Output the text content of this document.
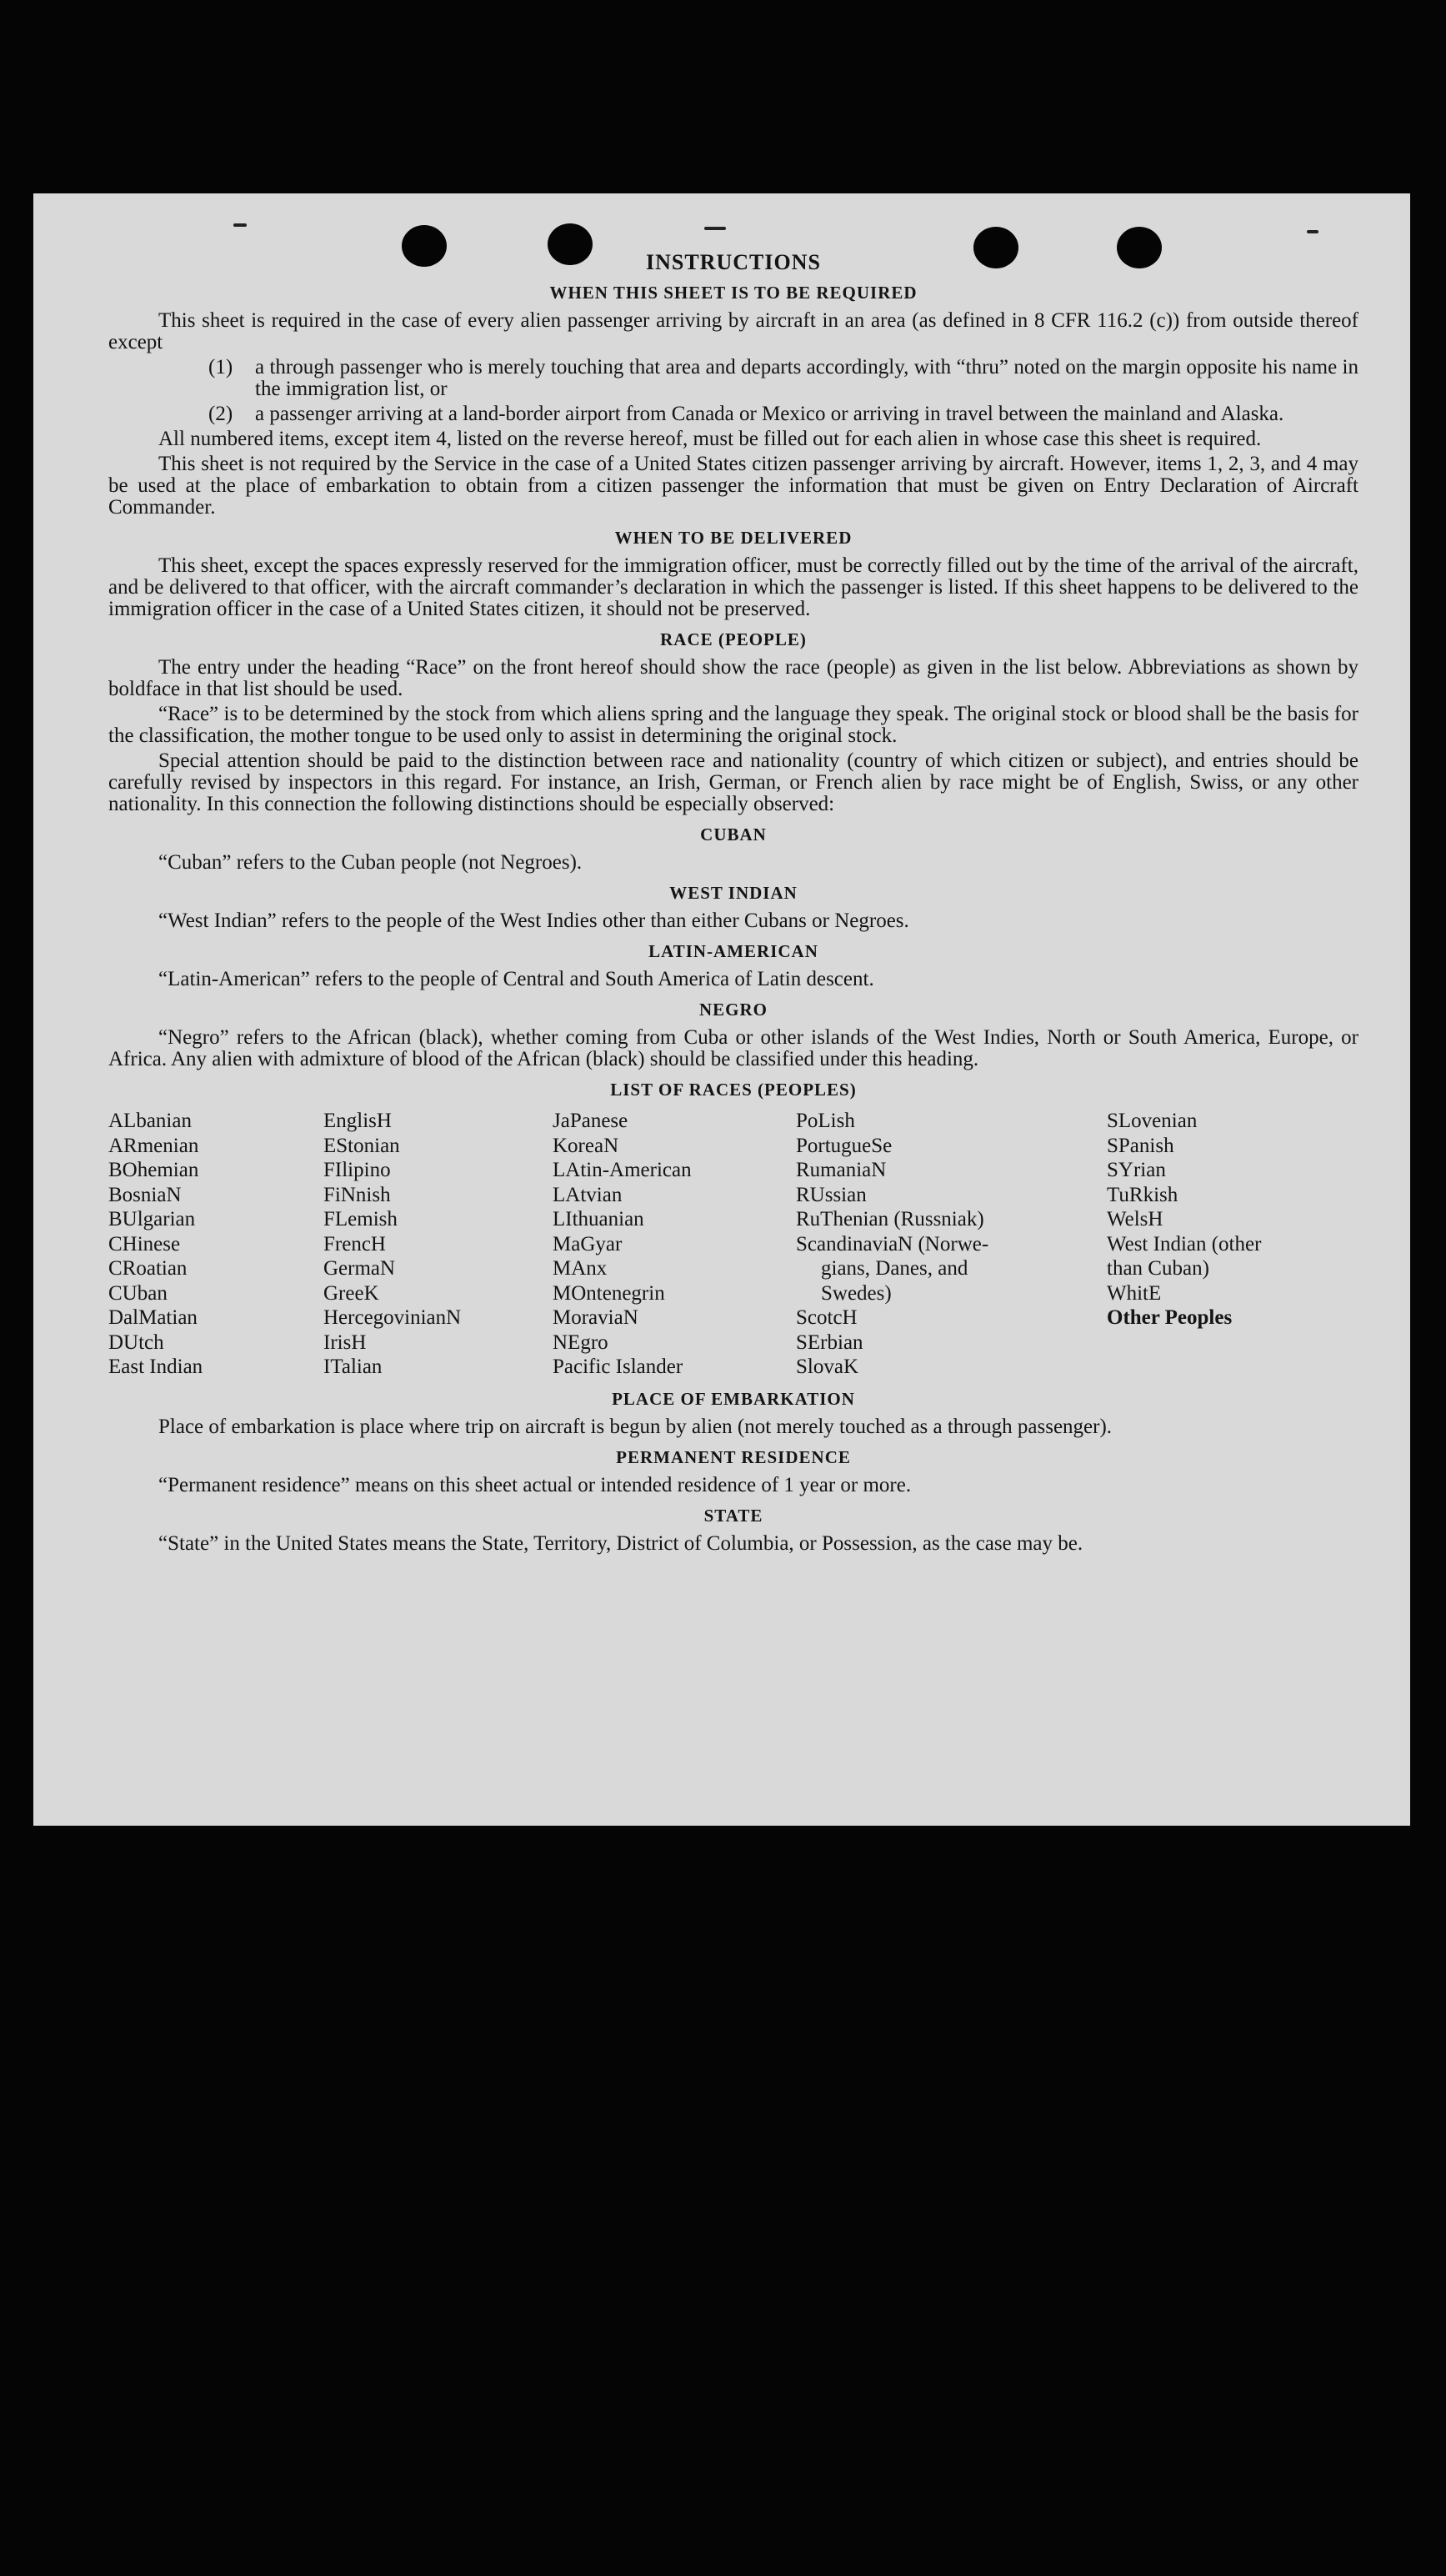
INSTRUCTIONS
WHEN THIS SHEET IS TO BE REQUIRED

This sheet is required in the case of every alien passenger arriving by aircraft in an area (as defined in 8 CFR 116.2 (c)) from outside thereof except

(1)	a through passenger who is merely touching that area and departs accordingly, with “thru” noted on the margin opposite his name in the immigration list, or
(2)	a passenger arriving at a land-border airport from Canada or Mexico or arriving in travel between the mainland and Alaska.

All numbered items, except item 4, listed on the reverse hereof, must be filled out for each alien in whose case this sheet is required.

This sheet is not required by the Service in the case of a United States citizen passenger arriving by aircraft. However, items 1, 2, 3, and 4 may be used at the place of embarkation to obtain from a citizen passenger the information that must be given on Entry Declaration of Aircraft Commander.

WHEN TO BE DELIVERED

This sheet, except the spaces expressly reserved for the immigration officer, must be correctly filled out by the time of the arrival of the aircraft, and be delivered to that officer, with the aircraft commander’s declaration in which the passenger is listed. If this sheet happens to be delivered to the immigration officer in the case of a United States citizen, it should not be preserved.

RACE (PEOPLE)

The entry under the heading “Race” on the front hereof should show the race (people) as given in the list below. Abbreviations as shown by boldface in that list should be used.

“Race” is to be determined by the stock from which aliens spring and the language they speak. The original stock or blood shall be the basis for the classification, the mother tongue to be used only to assist in determining the original stock.

Special attention should be paid to the distinction between race and nationality (country of which citizen or subject), and entries should be carefully revised by inspectors in this regard. For instance, an Irish, German, or French alien by race might be of English, Swiss, or any other nationality. In this connection the following distinctions should be especially observed:

CUBAN

“Cuban” refers to the Cuban people (not Negroes).

WEST INDIAN

“West Indian” refers to the people of the West Indies other than either Cubans or Negroes.

LATIN-AMERICAN

“Latin-American” refers to the people of Central and South America of Latin descent.

NEGRO

“Negro” refers to the African (black), whether coming from Cuba or other islands of the West Indies, North or South America, Europe, or Africa. Any alien with admixture of blood of the African (black) should be classified under this heading.

LIST OF RACES (PEOPLES)
ALbanian
ARmenian
BOhemian
BosniaN
BUlgarian
CHinese
CRoatian
CUban
DalMatian
DUtch
East Indian
EnglisH
EStonian
FIlipino
FiNnish
FLemish
FrencH
GermaN
GreeK
HercegovinianN
IrisH
ITalian
JaPanese
KoreaN
LAtin-American
LAtvian
LIthuanian
MaGyar
MAnx
MOntenegrin
MoraviaN
NEgro
Pacific Islander
PoLish
PortugueSe
RumaniaN
RUssian
RuThenian (Russniak)
ScandinaviaN (Norwe-
gians, Danes, and
Swedes)
ScotcH
SErbian
SlovaK
SLovenian
SPanish
SYrian
TuRkish
WelsH
West Indian (other
than Cuban)
WhitE
Other Peoples
PLACE OF EMBARKATION

Place of embarkation is place where trip on aircraft is begun by alien (not merely touched as a through passenger).

PERMANENT RESIDENCE

“Permanent residence” means on this sheet actual or intended residence of 1 year or more.

STATE

“State” in the United States means the State, Territory, District of Columbia, or Possession, as the case may be.
